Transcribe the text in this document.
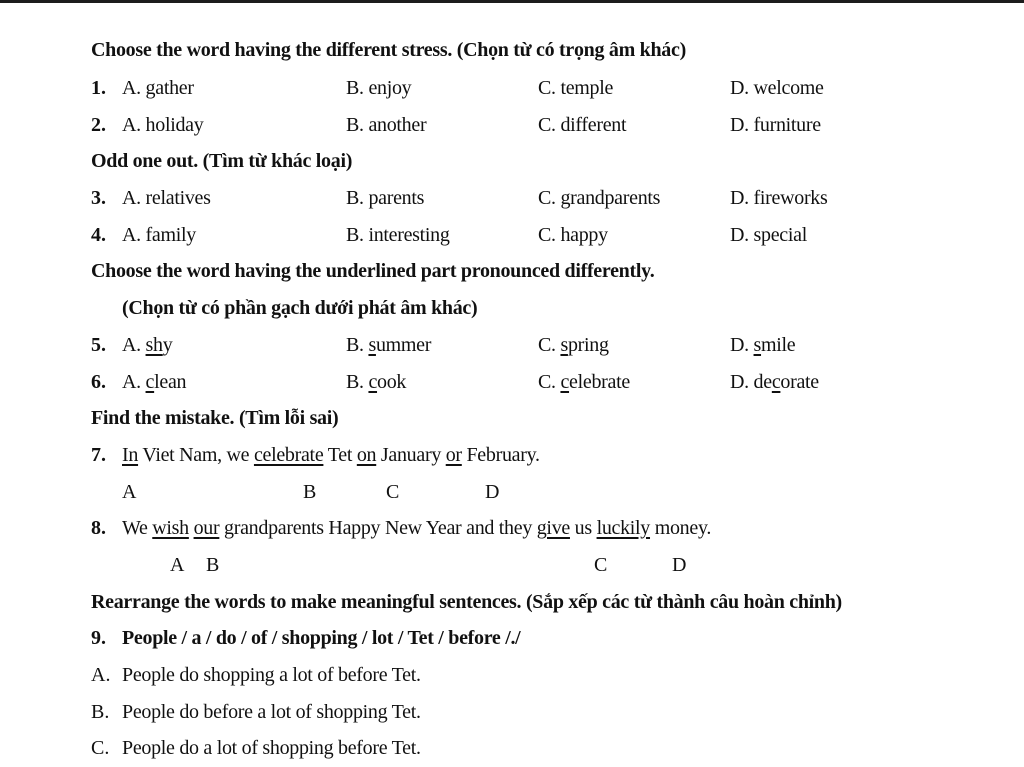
Choose the word having the different stress. (Chọn từ có trọng âm khác)
1. A. gather	B. enjoy	C. temple	D. welcome
2. A. holiday	B. another	C. different	D. furniture
Odd one out. (Tìm từ khác loại)
3. A. relatives	B. parents	C. grandparents	D. fireworks
4. A. family	B. interesting	C. happy	D. special
Choose the word having the underlined part pronounced differently.
(Chọn từ có phần gạch dưới phát âm khác)
5. A. shy	B. summer	C. spring	D. smile
6. A. clean	B. cook	C. celebrate	D. decorate
Find the mistake. (Tìm lỗi sai)
7. In Viet Nam, we celebrate Tet on January or February.
A	B	C	D
8. We wish our grandparents Happy New Year and they give us luckily money.
A B	C	D
Rearrange the words to make meaningful sentences. (Sắp xếp các từ thành câu hoàn chỉnh)
9. People / a / do / of / shopping / lot / Tet / before /./
A. People do shopping a lot of before Tet.
B. People do before a lot of shopping Tet.
C. People do a lot of shopping before Tet.
